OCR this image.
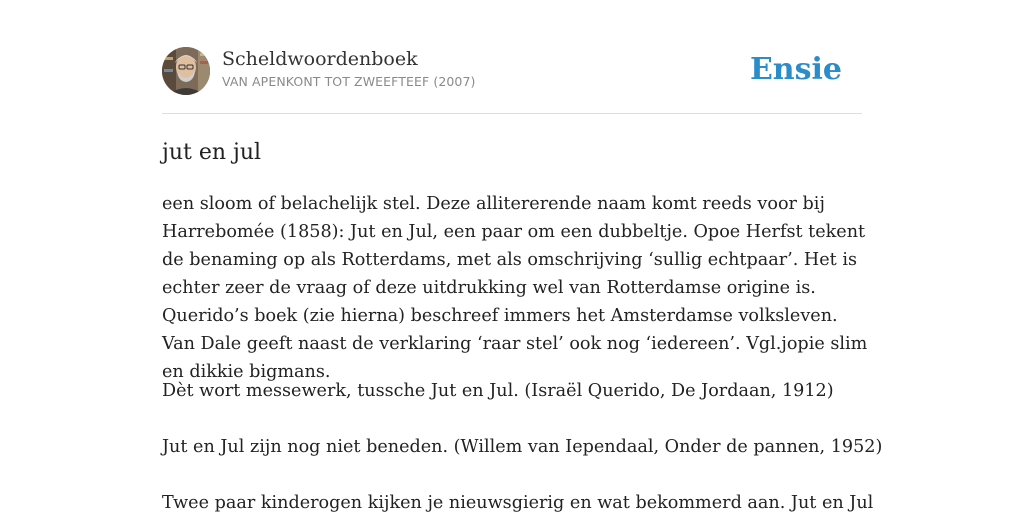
Scheldwoordenboek
VAN APENKONT TOT ZWEEFTEEF (2007)	Ensie
jut en jul

een sloom of belachelijk stel. Deze allitererende naam komt reeds voor bij Harrebomée (1858): Jut en Jul, een paar om een dubbeltje. Opoe Herfst tekent de benaming op als Rotterdams, met als omschrijving ‘sullig echtpaar’. Het is echter zeer de vraag of deze uitdrukking wel van Rotterdamse origine is. Querido’s boek (zie hierna) beschreef immers het Amsterdamse volksleven. Van Dale geeft naast de verklaring ‘raar stel’ ook nog ‘iedereen’. Vgl.jopie slim en dikkie bigmans.

Dèt wort messewerk, tussche Jut en Jul. (Israël Querido, De Jordaan, 1912)

Jut en Jul zijn nog niet beneden. (Willem van Iependaal, Onder de pannen, 1952)

Twee paar kinderogen kijken je nieuwsgierig en wat bekommerd aan. Jut en Jul
